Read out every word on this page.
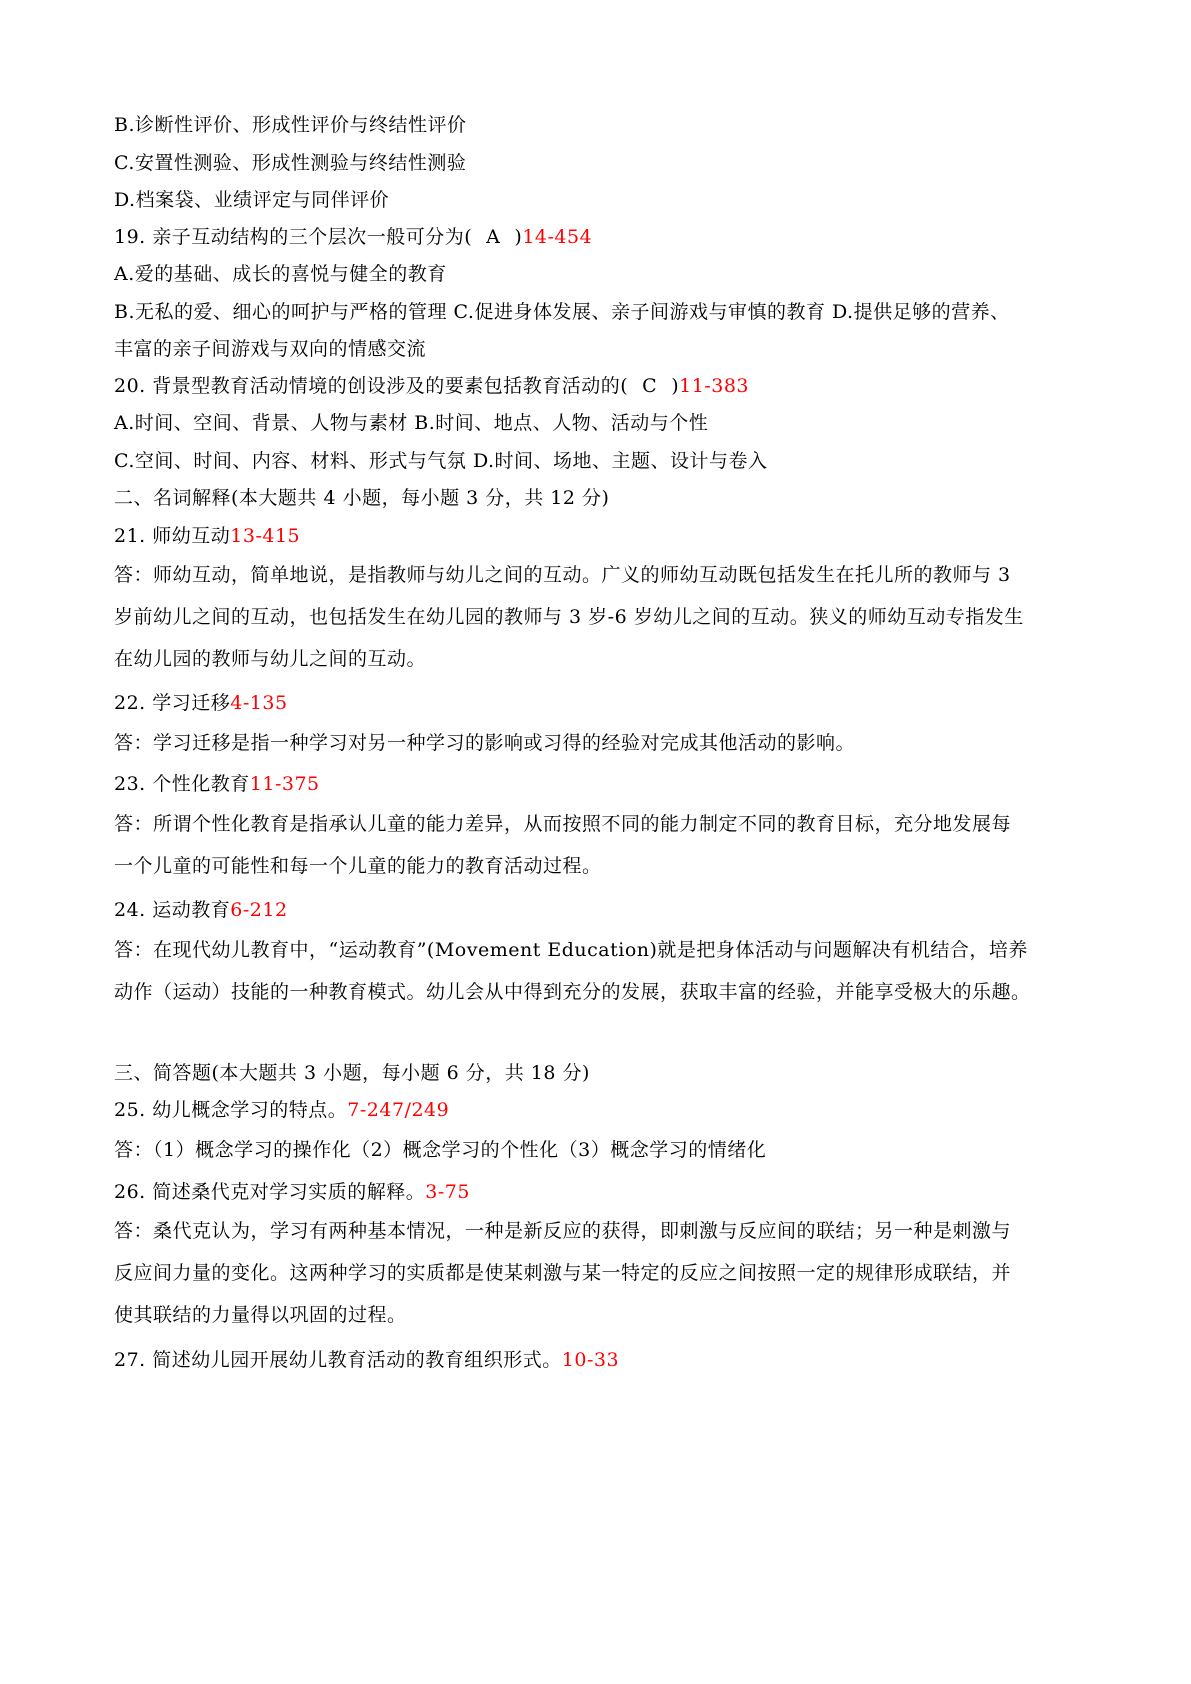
B.诊断性评价、形成性评价与终结性评价
C.安置性测验、形成性测验与终结性测验
D.档案袋、业绩评定与同伴评价
19. 亲子互动结构的三个层次一般可分为( A )14-454
A.爱的基础、成长的喜悦与健全的教育
B.无私的爱、细心的呵护与严格的管理 C.促进身体发展、亲子间游戏与审慎的教育 D.提供足够的营养、
丰富的亲子间游戏与双向的情感交流
20. 背景型教育活动情境的创设涉及的要素包括教育活动的( C )11-383
A.时间、空间、背景、人物与素材 B.时间、地点、人物、活动与个性
C.空间、时间、内容、材料、形式与气氛 D.时间、场地、主题、设计与卷入
二、名词解释(本大题共 4 小题，每小题 3 分，共 12 分)
21. 师幼互动13-415
答：师幼互动，简单地说，是指教师与幼儿之间的互动。广义的师幼互动既包括发生在托儿所的教师与 3
岁前幼儿之间的互动，也包括发生在幼儿园的教师与 3 岁-6 岁幼儿之间的互动。狭义的师幼互动专指发生
在幼儿园的教师与幼儿之间的互动。
22. 学习迁移4-135
答：学习迁移是指一种学习对另一种学习的影响或习得的经验对完成其他活动的影响。
23. 个性化教育11-375
答：所谓个性化教育是指承认儿童的能力差异，从而按照不同的能力制定不同的教育目标，充分地发展每
一个儿童的可能性和每一个儿童的能力的教育活动过程。
24. 运动教育6-212
答：在现代幼儿教育中，“运动教育”(Movement Education)就是把身体活动与问题解决有机结合，培养
动作（运动）技能的一种教育模式。幼儿会从中得到充分的发展，获取丰富的经验，并能享受极大的乐趣。
三、简答题(本大题共 3 小题，每小题 6 分，共 18 分)
25. 幼儿概念学习的特点。7-247/249
答：（1）概念学习的操作化（2）概念学习的个性化（3）概念学习的情绪化
26. 简述桑代克对学习实质的解释。3-75
答：桑代克认为，学习有两种基本情况，一种是新反应的获得，即刺激与反应间的联结；另一种是刺激与
反应间力量的变化。这两种学习的实质都是使某刺激与某一特定的反应之间按照一定的规律形成联结，并
使其联结的力量得以巩固的过程。
27. 简述幼儿园开展幼儿教育活动的教育组织形式。10-33
